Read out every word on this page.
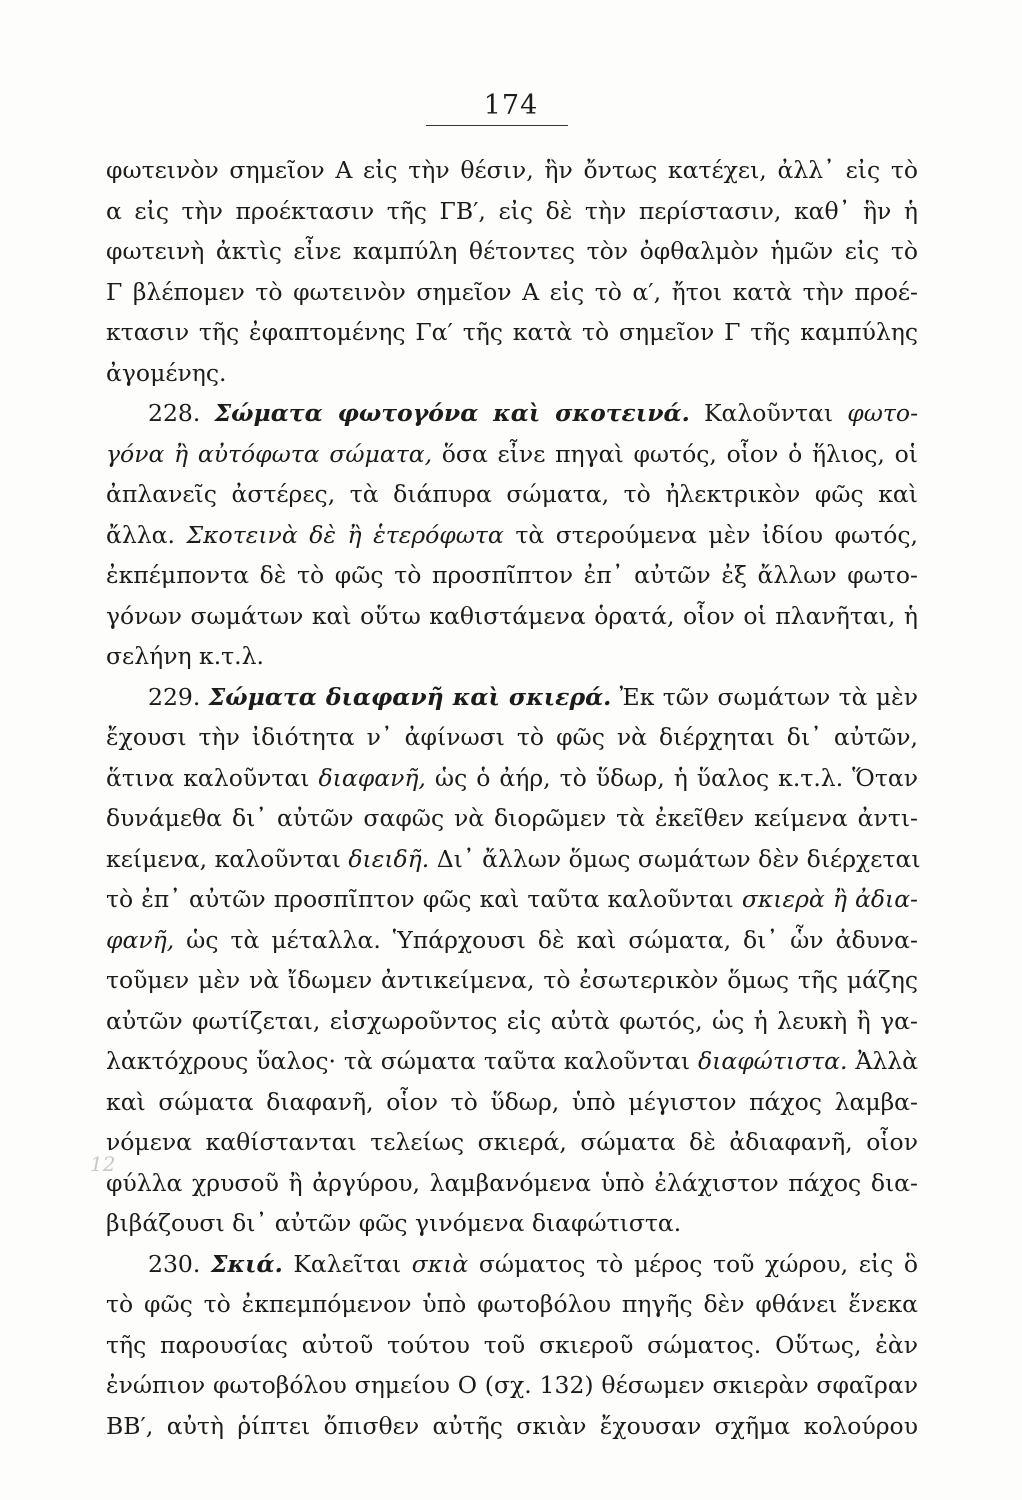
174
12
φωτεινὸν σημεῖον Α εἰς τὴν θέσιν, ἣν ὄντως κατέχει, ἀλλ᾽ εἰς τὸ
α εἰς τὴν προέκτασιν τῆς ΓΒ′, εἰς δὲ τὴν περίστασιν, καθ᾽ ἣν ἡ
φωτεινὴ ἀκτὶς εἶνε καμπύλη θέτοντες τὸν ὀφθαλμὸν ἡμῶν εἰς τὸ
Γ βλέπομεν τὸ φωτεινὸν σημεῖον Α εἰς τὸ α′, ἤτοι κατὰ τὴν προέ-
κτασιν τῆς ἐφαπτομένης Γα′ τῆς κατὰ τὸ σημεῖον Γ τῆς καμπύλης
ἀγομένης.
228. Σώματα φωτογόνα καὶ σκοτεινά. Καλοῦνται φωτο-
γόνα ἢ αὐτόφωτα σώματα, ὅσα εἶνε πηγαὶ φωτός, οἷον ὁ ἥλιος, οἱ
ἀπλανεῖς ἀστέρες, τὰ διάπυρα σώματα, τὸ ἠλεκτρικὸν φῶς καὶ
ἄλλα. Σκοτεινὰ δὲ ἢ ἑτερόφωτα τὰ στερούμενα μὲν ἰδίου φωτός,
ἐκπέμποντα δὲ τὸ φῶς τὸ προσπῖπτον ἐπ᾽ αὐτῶν ἐξ ἄλλων φωτο-
γόνων σωμάτων καὶ οὕτω καθιστάμενα ὁρατά, οἷον οἱ πλανῆται, ἡ
σελήνη κ.τ.λ.
229. Σώματα διαφανῆ καὶ σκιερά. Ἐκ τῶν σωμάτων τὰ μὲν
ἔχουσι τὴν ἰδιότητα ν᾽ ἀφίνωσι τὸ φῶς νὰ διέρχηται δι᾽ αὐτῶν,
ἅτινα καλοῦνται διαφανῆ, ὡς ὁ ἀήρ, τὸ ὕδωρ, ἡ ὕαλος κ.τ.λ. Ὅταν
δυνάμεθα δι᾽ αὐτῶν σαφῶς νὰ διορῶμεν τὰ ἐκεῖθεν κείμενα ἀντι-
κείμενα, καλοῦνται διειδῆ. Δι᾽ ἄλλων ὅμως σωμάτων δὲν διέρχεται
τὸ ἐπ᾽ αὐτῶν προσπῖπτον φῶς καὶ ταῦτα καλοῦνται σκιερὰ ἢ ἀδια-
φανῆ, ὡς τὰ μέταλλα. Ὑπάρχουσι δὲ καὶ σώματα, δι᾽ ὧν ἀδυνα-
τοῦμεν μὲν νὰ ἴδωμεν ἀντικείμενα, τὸ ἐσωτερικὸν ὅμως τῆς μάζης
αὐτῶν φωτίζεται, εἰσχωροῦντος εἰς αὐτὰ φωτός, ὡς ἡ λευκὴ ἢ γα-
λακτόχρους ὕαλος· τὰ σώματα ταῦτα καλοῦνται διαφώτιστα. Ἀλλὰ
καὶ σώματα διαφανῆ, οἷον τὸ ὕδωρ, ὑπὸ μέγιστον πάχος λαμβα-
νόμενα καθίστανται τελείως σκιερά, σώματα δὲ ἀδιαφανῆ, οἷον
φύλλα χρυσοῦ ἢ ἀργύρου, λαμβανόμενα ὑπὸ ἐλάχιστον πάχος δια-
βιβάζουσι δι᾽ αὐτῶν φῶς γινόμενα διαφώτιστα.
230. Σκιά. Καλεῖται σκιὰ σώματος τὸ μέρος τοῦ χώρου, εἰς ὃ
τὸ φῶς τὸ ἐκπεμπόμενον ὑπὸ φωτοβόλου πηγῆς δὲν φθάνει ἕνεκα
τῆς παρουσίας αὐτοῦ τούτου τοῦ σκιεροῦ σώματος. Οὕτως, ἐὰν
ἐνώπιον φωτοβόλου σημείου Ο (σχ. 132) θέσωμεν σκιερὰν σφαῖραν
ΒΒ′, αὐτὴ ῥίπτει ὄπισθεν αὐτῆς σκιὰν ἔχουσαν σχῆμα κολούρου
